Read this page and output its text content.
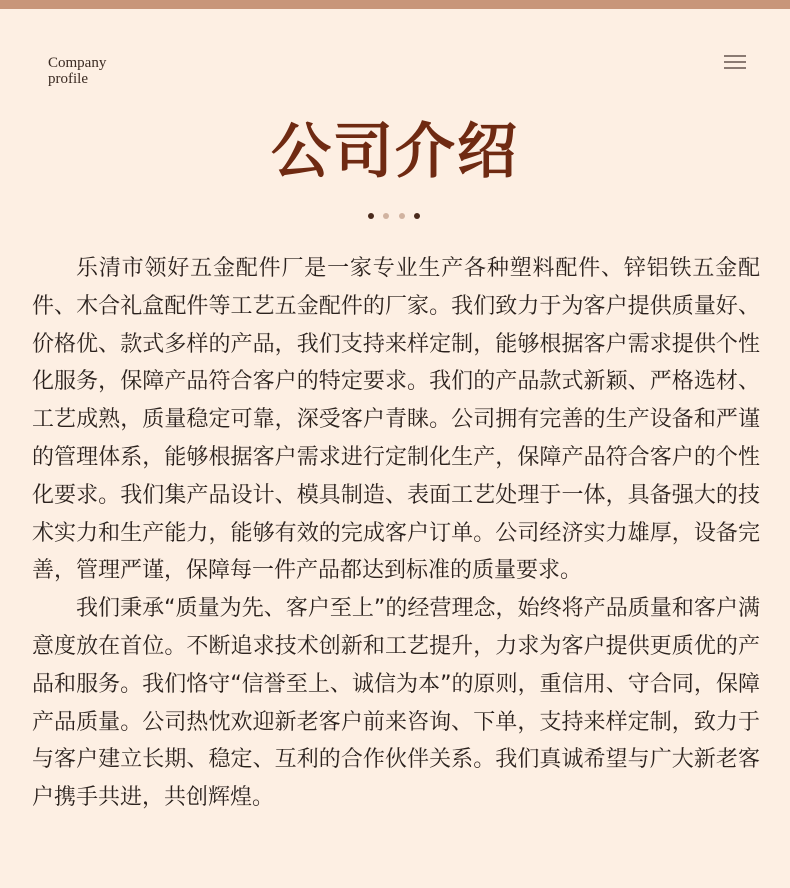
Company
profile
公司介绍

乐清市领好五金配件厂是一家专业生产各种塑料配件、锌铝铁五金配件、木合礼盒配件等工艺五金配件的厂家。我们致力于为客户提供质量好、价格优、款式多样的产品，我们支持来样定制，能够根据客户需求提供个性化服务，保障产品符合客户的特定要求。我们的产品款式新颖、严格选材、工艺成熟，质量稳定可靠，深受客户青睐。公司拥有完善的生产设备和严谨的管理体系，能够根据客户需求进行定制化生产，保障产品符合客户的个性化要求。我们集产品设计、模具制造、表面工艺处理于一体，具备强大的技术实力和生产能力，能够有效的完成客户订单。公司经济实力雄厚，设备完善，管理严谨，保障每一件产品都达到标准的质量要求。

我们秉承“质量为先、客户至上”的经营理念，始终将产品质量和客户满意度放在首位。不断追求技术创新和工艺提升，力求为客户提供更质优的产品和服务。我们恪守“信誉至上、诚信为本”的原则，重信用、守合同，保障产品质量。公司热忱欢迎新老客户前来咨询、下单，支持来样定制，致力于与客户建立长期、稳定、互利的合作伙伴关系。我们真诚希望与广大新老客户携手共进，共创辉煌。
